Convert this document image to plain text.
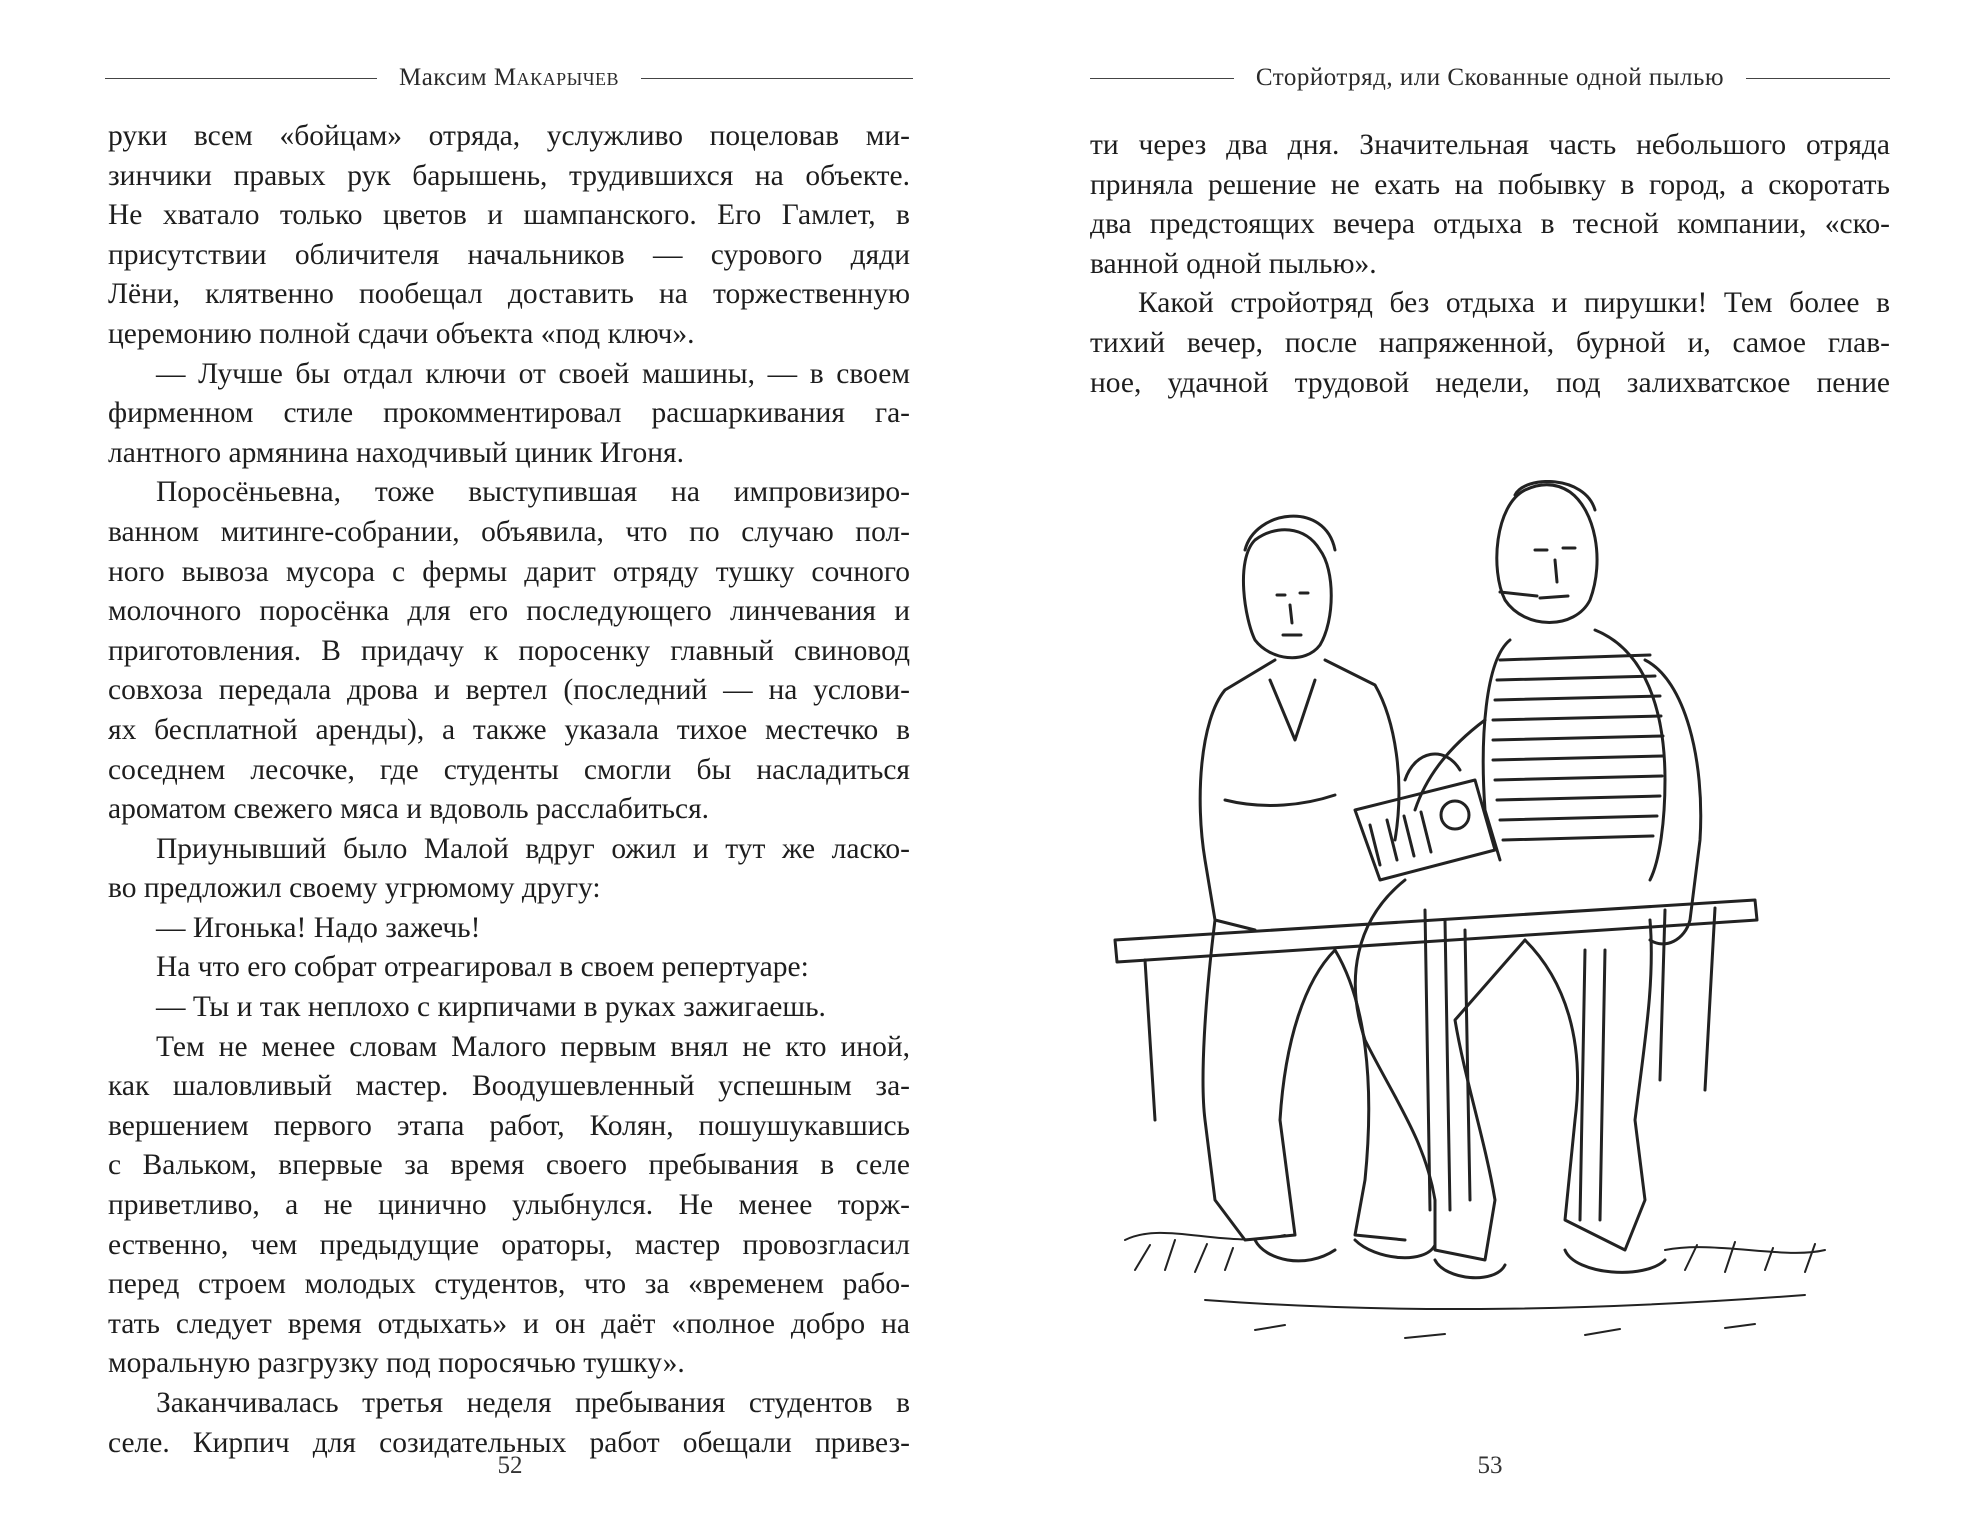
Максим Макарычев
руки всем «бойцам» отряда, услужливо поцеловав ми-
зинчики правых рук барышень, трудившихся на объекте.
Не хватало только цветов и шампанского. Его Гамлет, в
присутствии обличителя начальников — сурового дяди
Лёни, клятвенно пообещал доставить на торжественную
церемонию полной сдачи объекта «под ключ».
— Лучше бы отдал ключи от своей машины, — в своем
фирменном стиле прокомментировал расшаркивания га-
лантного армянина находчивый циник Игоня.
Поросёньевна, тоже выступившая на импровизиро-
ванном митинге-собрании, объявила, что по случаю пол-
ного вывоза мусора с фермы дарит отряду тушку сочного
молочного поросёнка для его последующего линчевания и
приготовления. В придачу к поросенку главный свиновод
совхоза передала дрова и вертел (последний — на услови-
ях бесплатной аренды), а также указала тихое местечко в
соседнем лесочке, где студенты смогли бы насладиться
ароматом свежего мяса и вдоволь расслабиться.
Приунывший было Малой вдруг ожил и тут же ласко-
во предложил своему угрюмому другу:
— Игонька! Надо зажечь!
На что его собрат отреагировал в своем репертуаре:
— Ты и так неплохо с кирпичами в руках зажигаешь.
Тем не менее словам Малого первым внял не кто иной,
как шаловливый мастер. Воодушевленный успешным за-
вершением первого этапа работ, Колян, пошушукавшись
с Вальком, впервые за время своего пребывания в селе
приветливо, а не цинично улыбнулся. Не менее торж-
ественно, чем предыдущие ораторы, мастер провозгласил
перед строем молодых студентов, что за «временем рабо-
тать следует время отдыхать» и он даёт «полное добро на
моральную разгрузку под поросячью тушку».
Заканчивалась третья неделя пребывания студентов в
селе. Кирпич для созидательных работ обещали привез-
52
Сторйотряд, или Скованные одной пылью
ти через два дня. Значительная часть небольшого отряда
приняла решение не ехать на побывку в город, а скоротать
два предстоящих вечера отдыха в тесной компании, «ско-
ванной одной пылью».
Какой стройотряд без отдыха и пирушки! Тем более в
тихий вечер, после напряженной, бурной и, самое глав-
ное, удачной трудовой недели, под залихватское пение
53
